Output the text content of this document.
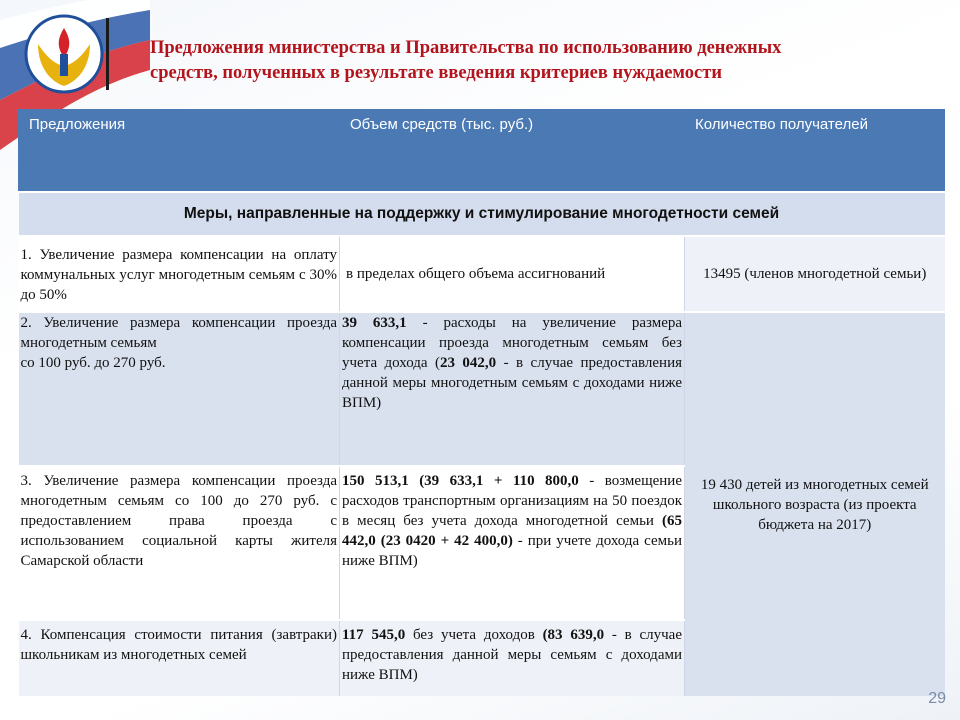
Предложения министерства и Правительства по использованию денежных
средств, полученных в результате введения критериев нуждаемости
Предложения	Объем средств (тыс. руб.)	Количество получателей
Меры, направленные на поддержку и стимулирование многодетности семей		
1. Увеличение размера компенсации на оплату коммунальных услуг многодетным семьям с 30% до 50%	в пределах общего объема ассигнований	13495 (членов многодетной семьи)

2. Увеличение размера компенсации проезда многодетным семьям
со 100 руб. до 270 руб.	39 633,1 - расходы на увеличение размера компенсации проезда многодетным семьям без учета дохода (23 042,0 - в случае предоставления данной меры многодетным семьям с доходами ниже ВПМ)	19 430 детей из многодетных семей школьного возраста (из проекта бюджета на 2017)
3. Увеличение размера компенсации проезда многодетным семьям со 100 до 270 руб. с предоставлением права проезда с использованием социальной карты жителя Самарской области	150 513,1 (39 633,1 + 110 800,0 - возмещение расходов транспортным организациям на 50 поездок в месяц без учета дохода многодетной семьи (65 442,0 (23 0420 + 42 400,0) - при учете дохода семьи ниже ВПМ)	
4. Компенсация стоимости питания (завтраки) школьникам из многодетных семей	117 545,0 без учета доходов (83 639,0 - в случае предоставления данной меры семьям с доходами ниже ВПМ)	
29
